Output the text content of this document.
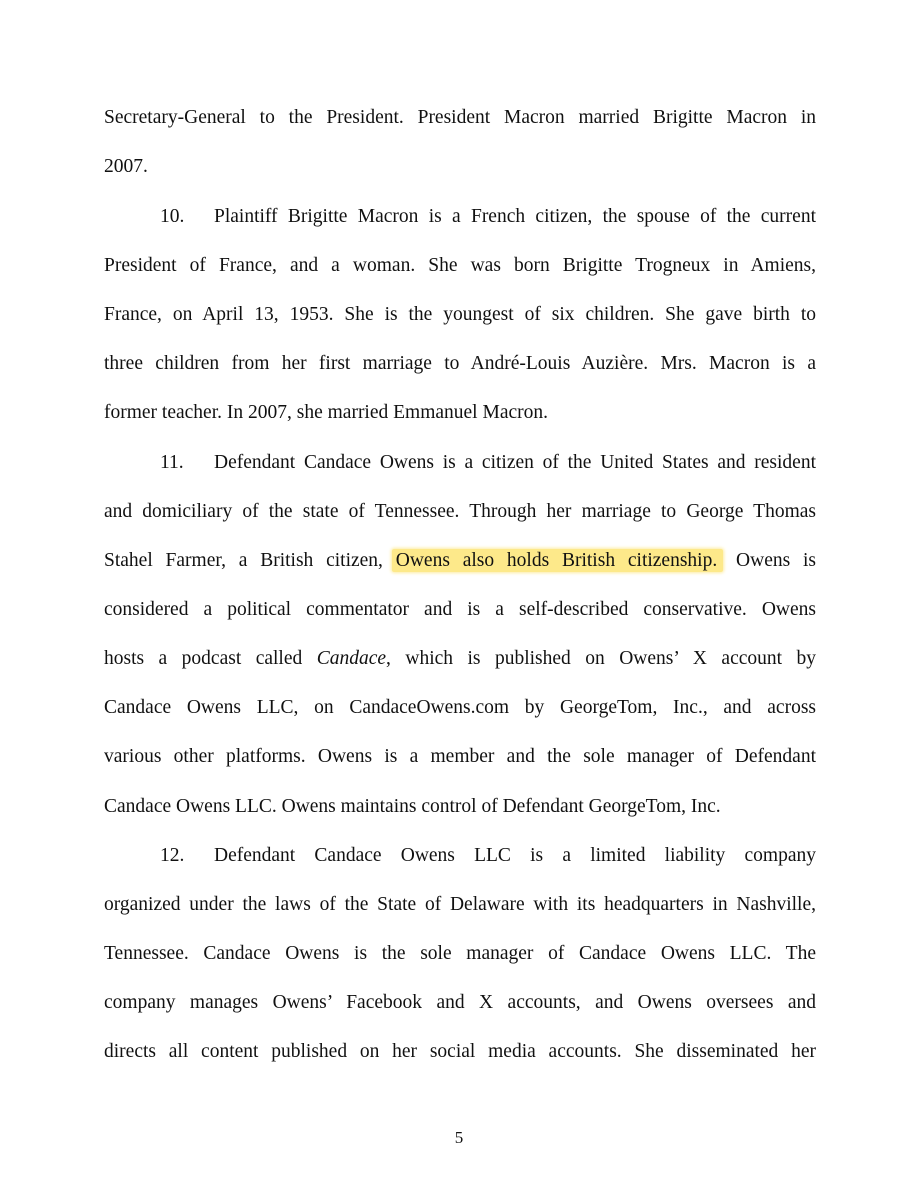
Secretary-General to the President. President Macron married Brigitte Macron in
2007.
10. Plaintiff Brigitte Macron is a French citizen, the spouse of the current
President of France, and a woman. She was born Brigitte Trogneux in Amiens,
France, on April 13, 1953. She is the youngest of six children. She gave birth to
three children from her first marriage to André-Louis Auzière. Mrs. Macron is a
former teacher. In 2007, she married Emmanuel Macron.
11. Defendant Candace Owens is a citizen of the United States and resident
and domiciliary of the state of Tennessee. Through her marriage to George Thomas
Stahel Farmer, a British citizen, Owens also holds British citizenship. Owens is
considered a political commentator and is a self-described conservative. Owens
hosts a podcast called Candace, which is published on Owens’ X account by
Candace Owens LLC, on CandaceOwens.com by GeorgeTom, Inc., and across
various other platforms. Owens is a member and the sole manager of Defendant
Candace Owens LLC. Owens maintains control of Defendant GeorgeTom, Inc.
12. Defendant Candace Owens LLC is a limited liability company
organized under the laws of the State of Delaware with its headquarters in Nashville,
Tennessee. Candace Owens is the sole manager of Candace Owens LLC. The
company manages Owens’ Facebook and X accounts, and Owens oversees and
directs all content published on her social media accounts. She disseminated her
5
